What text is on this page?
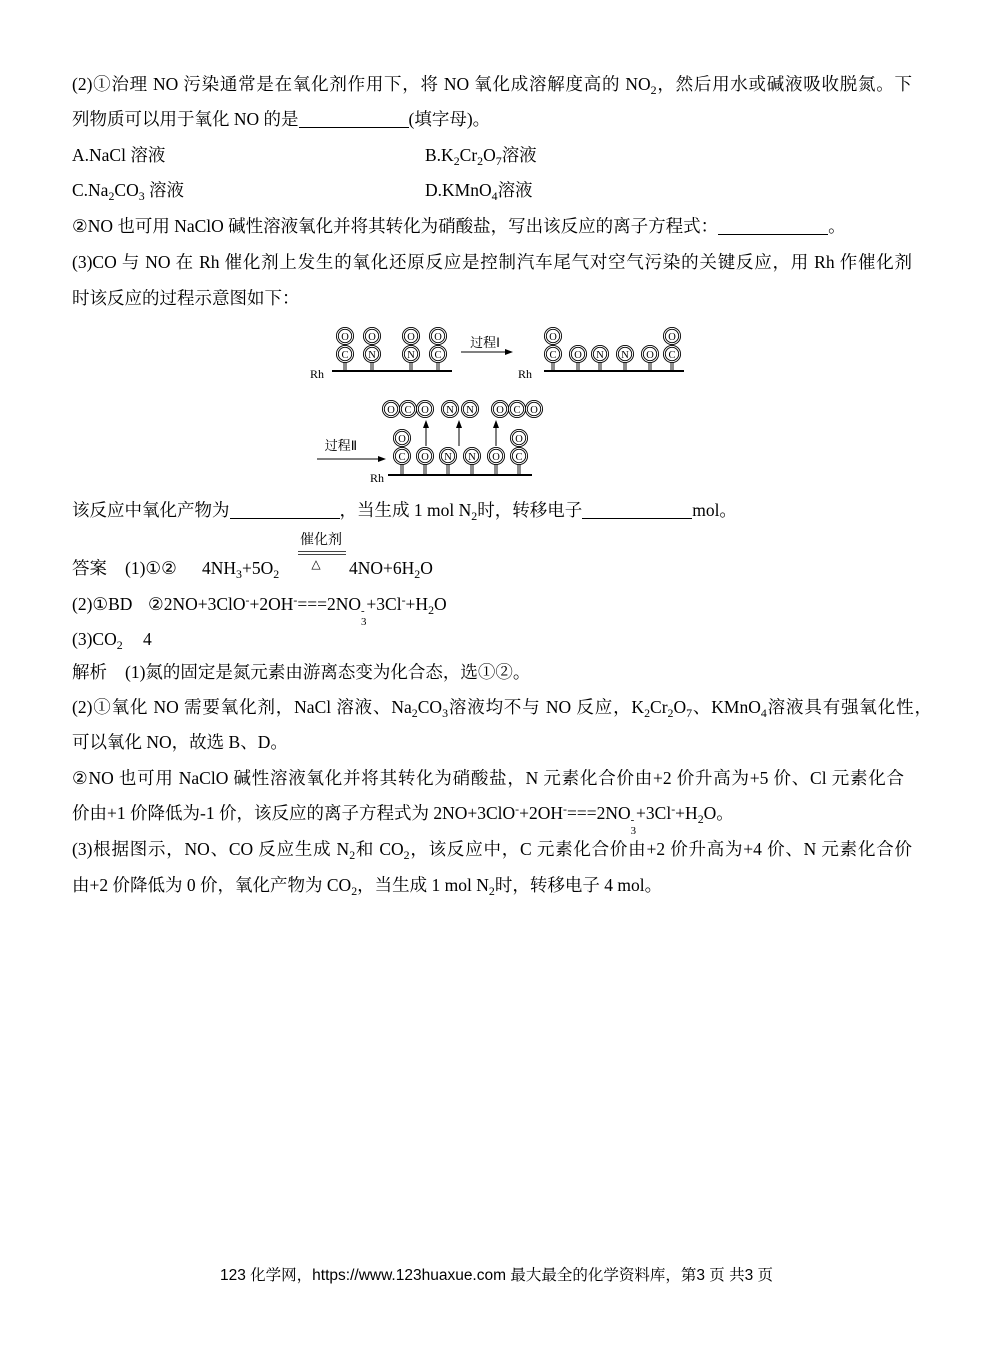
(2)①治理 NO 污染通常是在氧化剂作用下，将 NO 氧化成溶解度高的 $NO_2$，然后用水或碱液吸收脱氮。下
列物质可以用于氧化 NO 的是	(填字母)。
A.NaCl 溶液	$B.K_2Cr_2O_7$溶液
$C.Na_2CO_3$ 溶液	D.KMnO$_4$溶液
②NO 也可用 NaClO 碱性溶液氧化并将其转化为硝酸盐，写出该反应的离子方程式：	。
(3)CO 与 NO 在 Rh 催化剂上发生的氧化还原反应是控制汽车尾气对空气污染的关键反应，用 Rh 作催化剂
时该反应的过程示意图如下：
C
O
N
O
N
O
C
O
Rh
C
O
O N N O C
O
Rh
C
O
O N N O C
O
Rh
过程Ⅰ
过程Ⅱ
O C O N N O C O
该反应中氧化产物为	，当生成 1 mol $N_2$时，转移电子	mol。
答案 (1)①② $4NH_3+5O_2$
催化剂
△ $4NO+6H_2O$
(2)①BD ②2NO+3ClO-+2OH-===2NO -
3
$+3Cl^-+H_2O$
$(3)CO_2$ 4
解析 (1)氮的固定是氮元素由游离态变为化合态，选①②。
(2)①氧化 NO 需要氧化剂，NaCl 溶液、$Na_2CO_3$溶液均不与 NO 反应，$K_2Cr_2O_7$、KMnO$_4$溶液具有强氧化性，
可以氧化 NO，故选 B、D。
②NO 也可用 NaClO 碱性溶液氧化并将其转化为硝酸盐，N 元素化合价由+2 价升高为+5 价、Cl 元素化合
价由+1 价降低为-1 价，该反应的离子方程式为 2NO+3ClO-+2OH-===2NO -
3
$+3Cl^-+H_2O$。
(3)根据图示，NO、CO 反应生成 $N_2$和 $CO_2$，该反应中，C 元素化合价由+2 价升高为+4 价、N 元素化合价
由+2 价降低为 0 价，氧化产物为 $CO_2$，当生成 1 mol $N_2$时，转移电子 4 mol。
123 化学网，https://www.123huaxue.com 最大最全的化学资料库，第3 页 共3 页
